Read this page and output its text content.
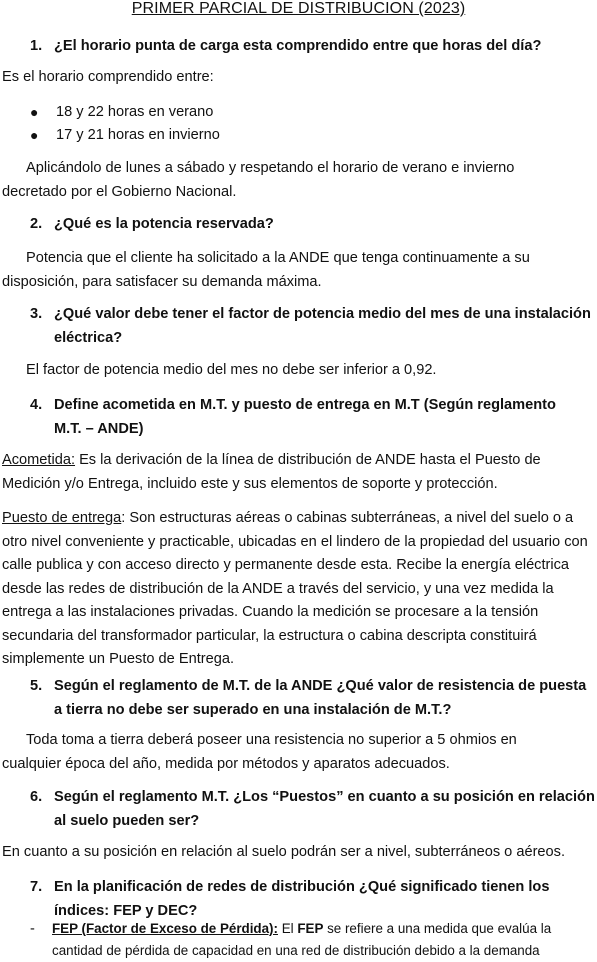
PRIMER PARCIAL DE DISTRIBUCION (2023)
1. ¿El horario punta de carga esta comprendido entre que horas del día?
Es el horario comprendido entre:
● 18 y 22 horas en verano
● 17 y 21 horas en invierno
Aplicándolo de lunes a sábado y respetando el horario de verano e invierno decretado por el Gobierno Nacional.
2. ¿Qué es la potencia reservada?
Potencia que el cliente ha solicitado a la ANDE que tenga continuamente a su disposición, para satisfacer su demanda máxima.
3. ¿Qué valor debe tener el factor de potencia medio del mes de una instalación eléctrica?
El factor de potencia medio del mes no debe ser inferior a 0,92.
4. Define acometida en M.T. y puesto de entrega en M.T (Según reglamento M.T. – ANDE)
Acometida: Es la derivación de la línea de distribución de ANDE hasta el Puesto de Medición y/o Entrega, incluido este y sus elementos de soporte y protección.
Puesto de entrega: Son estructuras aéreas o cabinas subterráneas, a nivel del suelo o a otro nivel conveniente y practicable, ubicadas en el lindero de la propiedad del usuario con calle publica y con acceso directo y permanente desde esta. Recibe la energía eléctrica desde las redes de distribución de la ANDE a través del servicio, y una vez medida la entrega a las instalaciones privadas. Cuando la medición se procesare a la tensión secundaria del transformador particular, la estructura o cabina descripta constituirá simplemente un Puesto de Entrega.
5. Según el reglamento de M.T. de la ANDE ¿Qué valor de resistencia de puesta a tierra no debe ser superado en una instalación de M.T.?
Toda toma a tierra deberá poseer una resistencia no superior a 5 ohmios en cualquier época del año, medida por métodos y aparatos adecuados.
6. Según el reglamento M.T. ¿Los “Puestos” en cuanto a su posición en relación al suelo pueden ser?
En cuanto a su posición en relación al suelo podrán ser a nivel, subterráneos o aéreos.
7. En la planificación de redes de distribución ¿Qué significado tienen los índices: FEP y DEC?
- FEP (Factor de Exceso de Pérdida): El FEP se refiere a una medida que evalúa la cantidad de pérdida de capacidad en una red de distribución debido a la demanda
